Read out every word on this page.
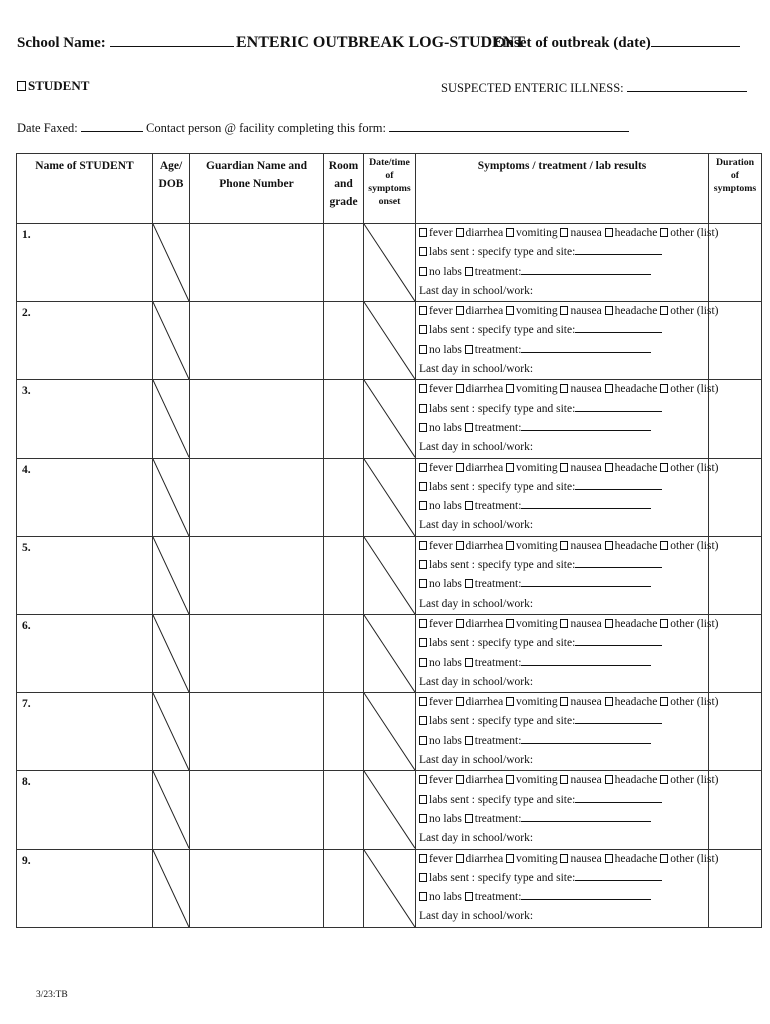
School Name:	ENTERIC OUTBREAK LOG-STUDENT
Onset of outbreak (date)
STUDENT	SUSPECTED ENTERIC ILLNESS:
Date Faxed:	Contact person @ facility completing this form:
Name of STUDENT	Age/ DOB	Guardian Name and Phone Number	Room and grade	Date/time of symptoms onset	Symptoms / treatment / lab results	Duration of symptoms
1.					fever diarrhea vomiting nausea headache other (list)
labs sent : specify type and site:
no labs treatment:
Last day in school/work:	

2.					fever diarrhea vomiting nausea headache other (list)
labs sent : specify type and site:
no labs treatment:
Last day in school/work:	

3.					fever diarrhea vomiting nausea headache other (list)
labs sent : specify type and site:
no labs treatment:
Last day in school/work:	

4.					fever diarrhea vomiting nausea headache other (list)
labs sent : specify type and site:
no labs treatment:
Last day in school/work:	

5.					fever diarrhea vomiting nausea headache other (list)
labs sent : specify type and site:
no labs treatment:
Last day in school/work:	

6.					fever diarrhea vomiting nausea headache other (list)
labs sent : specify type and site:
no labs treatment:
Last day in school/work:	

7.					fever diarrhea vomiting nausea headache other (list)
labs sent : specify type and site:
no labs treatment:
Last day in school/work:	

8.					fever diarrhea vomiting nausea headache other (list)
labs sent : specify type and site:
no labs treatment:
Last day in school/work:	

9.					fever diarrhea vomiting nausea headache other (list)
labs sent : specify type and site:
no labs treatment:
Last day in school/work:	

3/23:TB
